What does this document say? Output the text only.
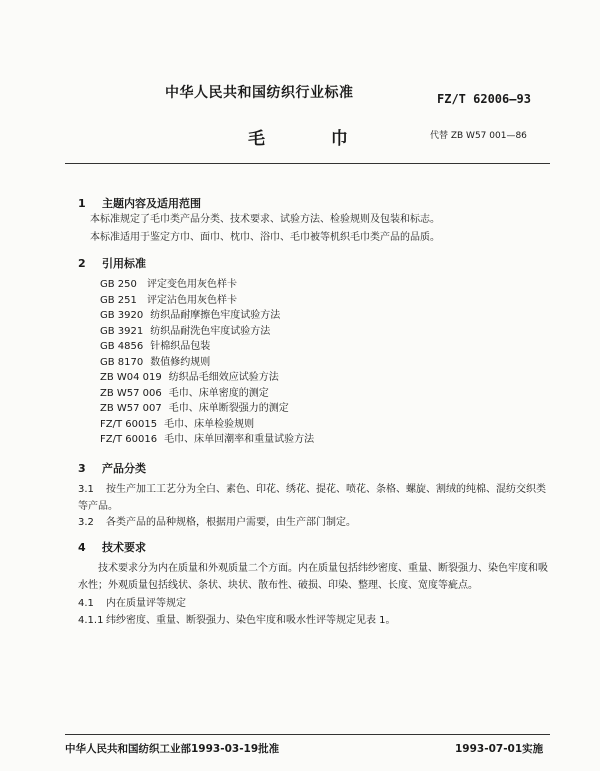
中华人民共和国纺织行业标准	FZ/T 62006—93
毛 巾	代替 ZB W57 001—86
1 主题内容及适用范围
本标准规定了毛巾类产品分类、技术要求、试验方法、检验规则及包装和标志。
本标准适用于鉴定方巾、面巾、枕巾、浴巾、毛巾被等机织毛巾类产品的品质。
2 引用标准
GB 250 评定变色用灰色样卡
GB 251 评定沾色用灰色样卡
GB 3920 纺织品耐摩擦色牢度试验方法
GB 3921 纺织品耐洗色牢度试验方法
GB 4856 针棉织品包装
GB 8170 数值修约规则
ZB W04 019 纺织品毛细效应试验方法
ZB W57 006 毛巾、床单密度的测定
ZB W57 007 毛巾、床单断裂强力的测定
FZ/T 60015 毛巾、床单检验规则
FZ/T 60016 毛巾、床单回潮率和重量试验方法
3 产品分类
3.1 按生产加工工艺分为全白、素色、印花、绣花、提花、喷花、条格、螺旋、割绒的纯棉、混纺交织类等产品。
3.2 各类产品的品种规格，根据用户需要，由生产部门制定。
4 技术要求
技术要求分为内在质量和外观质量二个方面。内在质量包括纬纱密度、重量、断裂强力、染色牢度和吸水性；外观质量包括线状、条状、块状、散布性、破损、印染、整理、长度、宽度等疵点。
4.1 内在质量评等规定
4.1.1 纬纱密度、重量、断裂强力、染色牢度和吸水性评等规定见表 1。
中华人民共和国纺织工业部1993-03-19批准	1993-07-01实施
